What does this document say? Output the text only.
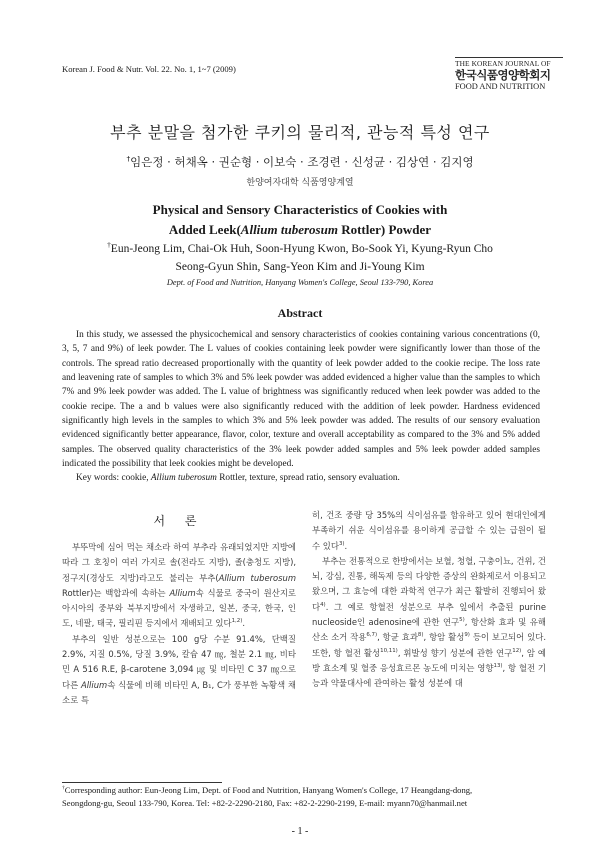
Korean J. Food & Nutr. Vol. 22. No. 1, 1~7 (2009)
THE KOREAN JOURNAL OF
한국식품영양학회지
FOOD AND NUTRITION
부추 분말을 첨가한 쿠키의 물리적, 관능적 특성 연구
†임은정 · 허채옥 · 권순형 · 이보숙 · 조경련 · 신성균 · 김상연 · 김지영
한양여자대학 식품영양계열
Physical and Sensory Characteristics of Cookies with
Added Leek(Allium tuberosum Rottler) Powder
†Eun-Jeong Lim, Chai-Ok Huh, Soon-Hyung Kwon, Bo-Sook Yi, Kyung-Ryun Cho
Seong-Gyun Shin, Sang-Yeon Kim and Ji-Young Kim
Dept. of Food and Nutrition, Hanyang Women's College, Seoul 133-790, Korea
Abstract

In this study, we assessed the physicochemical and sensory characteristics of cookies containing various concentrations (0, 3, 5, 7 and 9%) of leek powder. The L values of cookies containing leek powder were significantly lower than those of the controls. The spread ratio decreased proportionally with the quantity of leek powder added to the cookie recipe. The loss rate and leavening rate of samples to which 3% and 5% leek powder was added evidenced a higher value than the samples to which 7% and 9% leek powder was added. The L value of brightness was significantly reduced when leek powder was added to the cookie recipe. The a and b values were also significantly reduced with the addition of leek powder. Hardness evidenced significantly high levels in the samples to which 3% and 5% leek powder was added. The results of our sensory evaluation evidenced significantly better appearance, flavor, color, texture and overall acceptability as compared to the 3% and 5% added samples. The observed quality characteristics of the 3% leek powder added samples and 5% leek powder added samples indicated the possibility that leek cookies might be developed.

Key words: cookie, Allium tuberosum Rottler, texture, spread ratio, sensory evaluation.

서 론

부뚜막에 심어 먹는 채소라 하여 부추라 유래되었지만 지방에 따라 그 호칭이 여러 가지로 솔(전라도 지방), 졸(충청도 지방), 정구지(경상도 지방)라고도 불리는 부추(Allium tuberosum Rottler)는 백합과에 속하는 Allium속 식물로 중국이 원산지로 아시아의 중부와 북부지방에서 자생하고, 일본, 중국, 한국, 인도, 네팔, 태국, 필리핀 등지에서 재배되고 있다$^{1,2)}$.

부추의 일반 성분으로는 100 g당 수분 91.4%, 단백질 2.9%, 지질 0.5%, 당질 3.9%, 칼슘 47 ㎎, 철분 2.1 ㎎, 비타민 A 516 R.E, β-carotene 3,094 ㎍ 및 비타민 C 37 ㎎으로 다른 Allium속 식물에 비해 비타민 A, B₁, C가 풍부한 녹황색 채소로 특

히, 건조 중량 당 35%의 식이섬유를 함유하고 있어 현대인에게 부족하기 쉬운 식이섬유를 용이하게 공급할 수 있는 급원이 될 수 있다$^{3)}$.

부추는 전통적으로 한방에서는 보혈, 청혈, 구충이뇨, 건위, 건뇌, 강심, 진통, 해독제 등의 다양한 증상의 완화제로서 이용되고 왔으며, 그 효능에 대한 과학적 연구가 최근 활발히 진행되어 왔다$^{4)}$. 그 예로 항혈전 성분으로 부추 잎에서 추출된 purine nucleoside인 adenosine에 관한 연구$^{5)}$, 항산화 효과 및 유해 산소 소거 작용$^{6,7)}$, 항균 효과$^{8)}$, 항암 활성$^{9)}$ 등이 보고되어 있다. 또한, 항 혈전 활성$^{10,11)}$, 휘발성 향기 성분에 관한 연구$^{12)}$, 암 예방 효소계 및 혈중 응성효르몬 농도에 미치는 영향$^{13)}$, 항 혈전 기능과 약물대사에 관여하는 활성 성분에 대

†Corresponding author: Eun-Jeong Lim, Dept. of Food and Nutrition, Hanyang Women's College, 17 Heangdang-dong,
Seongdong-gu, Seoul 133-790, Korea. Tel: +82-2-2290-2180, Fax: +82-2-2290-2199, E-mail: myann70@hanmail.net
- 1 -
